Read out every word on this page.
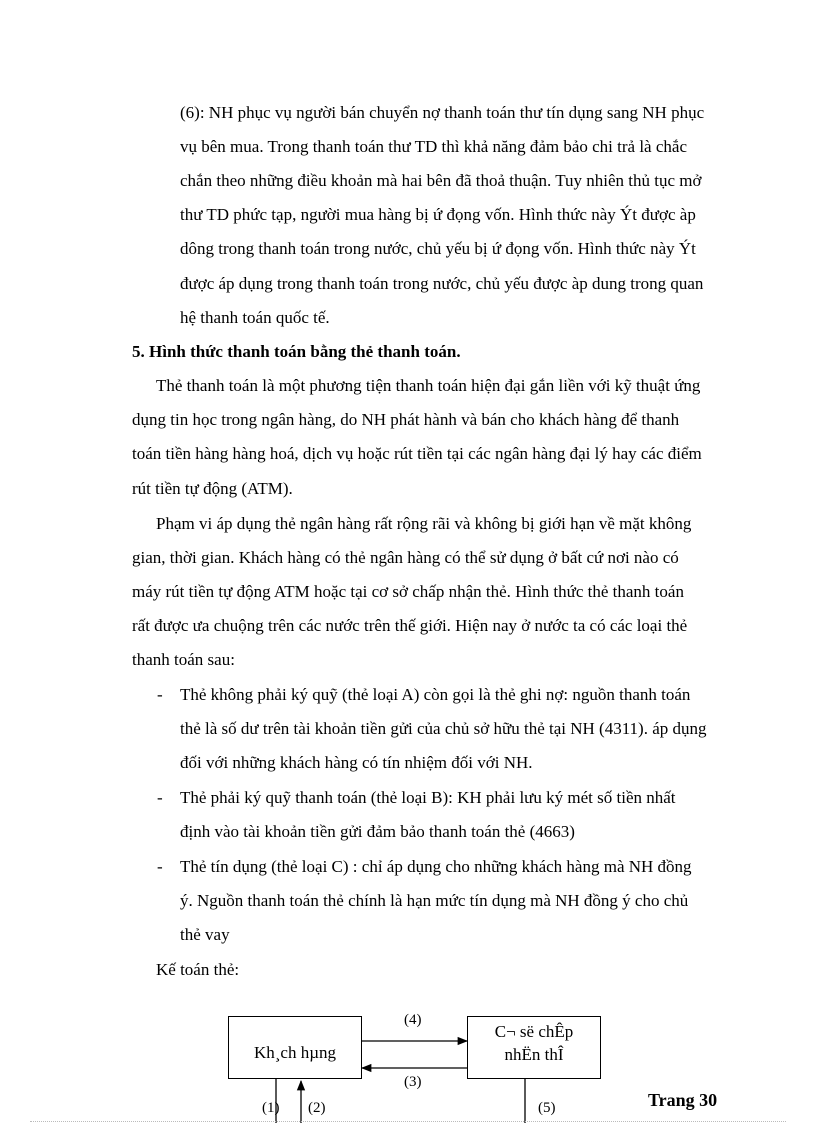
(6): NH phục vụ người bán chuyển nợ thanh toán thư tín dụng sang NH phục
vụ bên mua. Trong thanh toán thư TD thì khả năng đảm bảo chi trả là chắc
chắn theo những điều khoản mà hai bên đã thoả thuận. Tuy nhiên thủ tục mở
thư TD phức tạp, người mua hàng bị ứ đọng vốn. Hình thức này Ýt được àp
dông trong thanh toán trong nước, chủ yếu bị ứ đọng vốn. Hình thức này Ýt
được áp dụng trong thanh toán trong nước, chủ yếu được àp dung trong quan
hệ thanh toán quốc tế.
5. Hình thức thanh toán bằng thẻ thanh toán.
Thẻ thanh toán là một phương tiện thanh toán hiện đại gắn liền với kỹ thuật ứng
dụng tin học trong ngân hàng, do NH phát hành và bán cho khách hàng để thanh
toán tiền hàng hàng hoá, dịch vụ hoặc rút tiền tại các ngân hàng đại lý hay các điểm
rút tiền tự động (ATM).
Phạm vi áp dụng thẻ ngân hàng rất rộng rãi và không bị giới hạn về mặt không
gian, thời gian. Khách hàng có thẻ ngân hàng có thể sử dụng ở bất cứ nơi nào có
máy rút tiền tự động ATM hoặc tại cơ sở chấp nhận thẻ. Hình thức thẻ thanh toán
rất được ưa chuộng trên các nước trên thế giới. Hiện nay ở nước ta có các loại thẻ
thanh toán sau:
- Thẻ không phải ký quỹ (thẻ loại A) còn gọi là thẻ ghi nợ: nguồn thanh toán
thẻ là số dư trên tài khoản tiền gửi của chủ sở hữu thẻ tại NH (4311). áp dụng
đối với những khách hàng có tín nhiệm đối với NH.
- Thẻ phải ký quỹ thanh toán (thẻ loại B): KH phải lưu ký mét số tiền nhất
định vào tài khoản tiền gửi đảm bảo thanh toán thẻ (4663)
- Thẻ tín dụng (thẻ loại C) : chỉ áp dụng cho những khách hàng mà NH đồng
ý. Nguồn thanh toán thẻ chính là hạn mức tín dụng mà NH đồng ý cho chủ
thẻ vay
Kế toán thẻ:
Kh¸ch hµng
C¬ së chÊp
nhËn thÎ
(4)
(3)
(1) (2)	(5)	Trang 30
